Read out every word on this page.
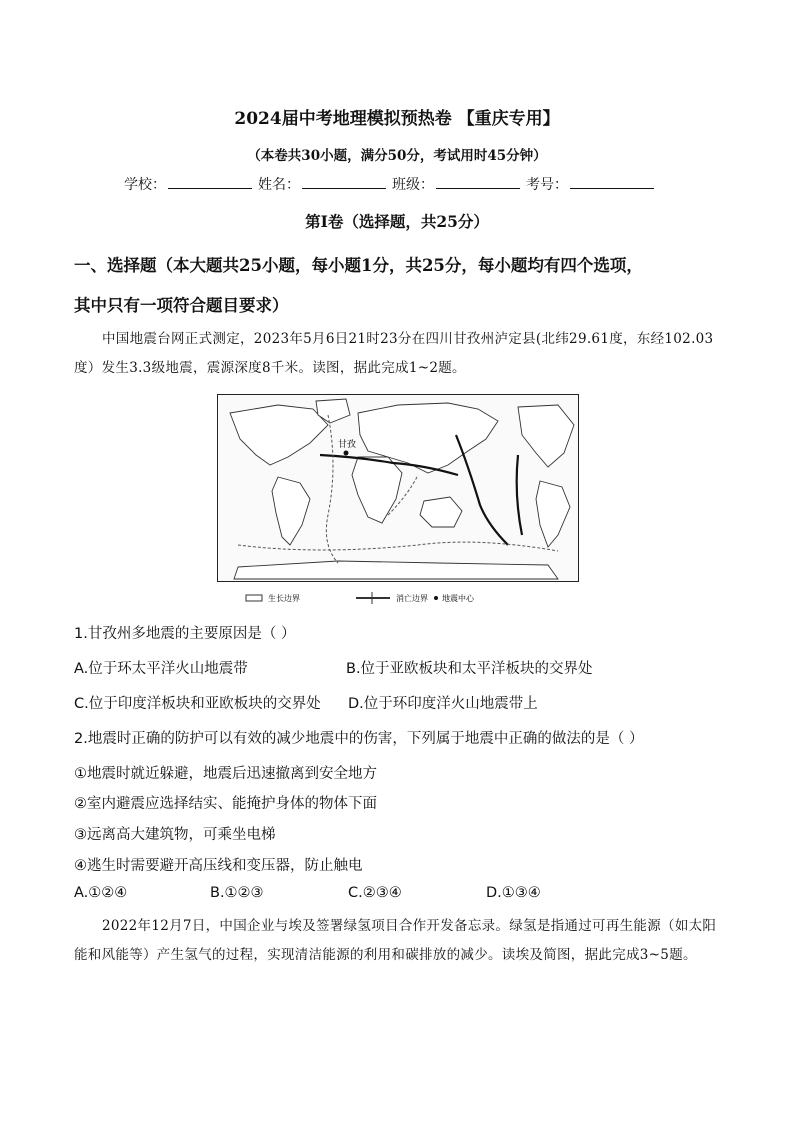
2024届中考地理模拟预热卷 【重庆专用】
（本卷共30小题，满分50分，考试用时45分钟）
学校：	姓名：	班级：	考号：
第I卷（选择题，共25分）
一、选择题（本大题共25小题，每小题1分，共25分，每小题均有四个选项，
其中只有一项符合题目要求）
中国地震台网正式测定，2023年5月6日21时23分在四川甘孜州泸定县(北纬29.61度，东经102.03度）发生3.3级地震，震源深度8千米。读图，据此完成1~2题。
甘孜
生长边界	消亡边界 地震中心
1.甘孜州多地震的主要原因是（ ）
A.位于环太平洋火山地震带	B.位于亚欧板块和太平洋板块的交界处
C.位于印度洋板块和亚欧板块的交界处 D.位于环印度洋火山地震带上
2.地震时正确的防护可以有效的减少地震中的伤害，下列属于地震中正确的做法的是（ ）
①地震时就近躲避，地震后迅速撤离到安全地方
②室内避震应选择结实、能掩护身体的物体下面
③远离高大建筑物，可乘坐电梯
④逃生时需要避开高压线和变压器，防止触电
A.①②④	B.①②③	C.②③④	D.①③④
2022年12月7日，中国企业与埃及签署绿氢项目合作开发备忘录。绿氢是指通过可再生能源（如太阳能和风能等）产生氢气的过程，实现清洁能源的利用和碳排放的减少。读埃及简图，据此完成3~5题。
